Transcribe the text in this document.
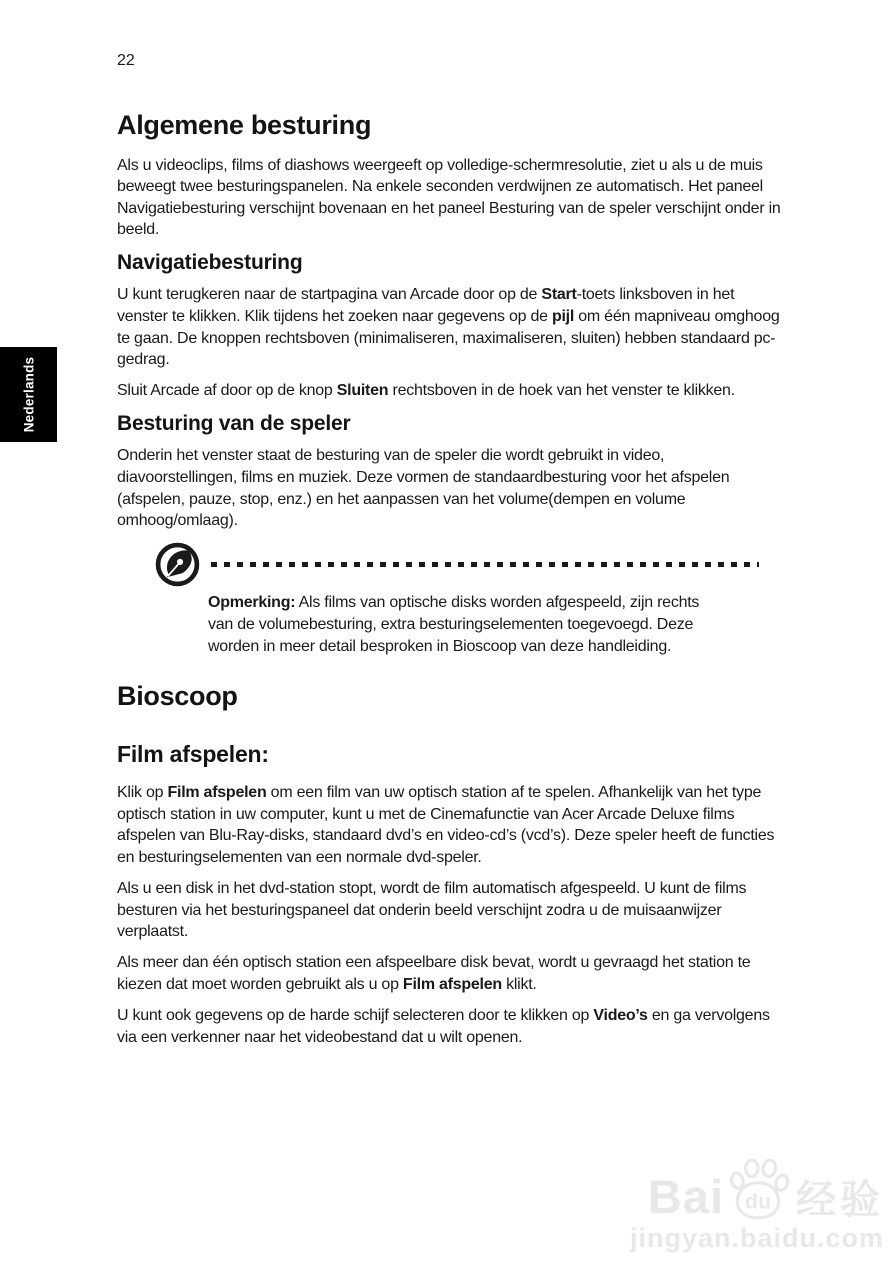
Nederlands
22
Algemene besturing

Als u videoclips, films of diashows weergeeft op volledige-schermresolutie, ziet u als u de muis beweegt twee besturingspanelen. Na enkele seconden verdwijnen ze automatisch. Het paneel Navigatiebesturing verschijnt bovenaan en het paneel Besturing van de speler verschijnt onder in beeld.

Navigatiebesturing

U kunt terugkeren naar de startpagina van Arcade door op de Start-toets linksboven in het venster te klikken. Klik tijdens het zoeken naar gegevens op de pijl om één mapniveau omghoog te gaan. De knoppen rechtsboven (minimaliseren, maximaliseren, sluiten) hebben standaard pc-gedrag.

Sluit Arcade af door op de knop Sluiten rechtsboven in de hoek van het venster te klikken.

Besturing van de speler

Onderin het venster staat de besturing van de speler die wordt gebruikt in video, diavoorstellingen, films en muziek. Deze vormen de standaardbesturing voor het afspelen (afspelen, pauze, stop, enz.) en het aanpassen van het volume(dempen en volume omhoog/omlaag).

Opmerking: Als films van optische disks worden afgespeeld, zijn rechts van de volumebesturing, extra besturingselementen toegevoegd. Deze worden in meer detail besproken in Bioscoop van deze handleiding.
Bioscoop
Film afspelen:

Klik op Film afspelen om een film van uw optisch station af te spelen. Afhankelijk van het type optisch station in uw computer, kunt u met de Cinemafunctie van Acer Arcade Deluxe films afspelen van Blu-Ray-disks, standaard dvd’s en video-cd’s (vcd’s). Deze speler heeft de functies en besturingselementen van een normale dvd-speler.

Als u een disk in het dvd-station stopt, wordt de film automatisch afgespeeld. U kunt de films besturen via het besturingspaneel dat onderin beeld verschijnt zodra u de muisaanwijzer verplaatst.

Als meer dan één optisch station een afspeelbare disk bevat, wordt u gevraagd het station te kiezen dat moet worden gebruikt als u op Film afspelen klikt.

U kunt ook gegevens op de harde schijf selecteren door te klikken op Video’s en ga vervolgens via een verkenner naar het videobestand dat u wilt openen.

Bai du 经验
jingyan.baidu.com
